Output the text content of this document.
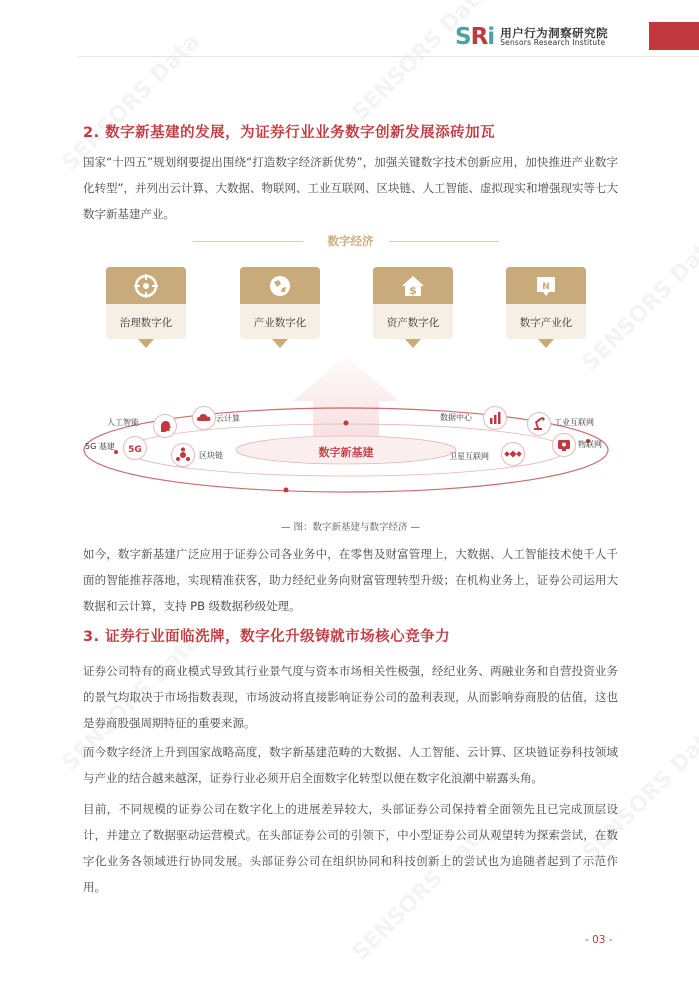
SRi 用户行为洞察研究院
Sensors Research Institute
2. 数字新基建的发展，为证券行业业务数字创新发展添砖加瓦
国家“十四五”规划纲要提出围绕“打造数字经济新优势”，加强关键数字技术创新应用，加快推进产业数字化转型”，并列出云计算、大数据、物联网、工业互联网、区块链、人工智能、虚拟现实和增强现实等七大数字新基建产业。
数字经济
治理数字化	产业数字化
$
资产数字化
N
数字产业化
数字新基建
人工智能	云计算
5G 基建 5G
区块链
数据中心
工业互联网
卫星互联网
物联网
— 图：数字新基建与数字经济 —
如今，数字新基建广泛应用于证券公司各业务中，在零售及财富管理上，大数据、人工智能技术使千人千面的智能推荐落地，实现精准获客，助力经纪业务向财富管理转型升级；在机构业务上，证券公司运用大数据和云计算，支持 PB 级数据秒级处理。
3. 证券行业面临洗牌，数字化升级铸就市场核心竞争力
证券公司特有的商业模式导致其行业景气度与资本市场相关性极强，经纪业务、两融业务和自营投资业务的景气均取决于市场指数表现，市场波动将直接影响证券公司的盈利表现，从而影响券商股的估值，这也是券商股强周期特征的重要来源。
而今数字经济上升到国家战略高度，数字新基建范畴的大数据、人工智能、云计算、区块链证券科技领域与产业的结合越来越深，证券行业必须开启全面数字化转型以便在数字化浪潮中崭露头角。
目前，不同规模的证券公司在数字化上的进展差异较大，头部证券公司保持着全面领先且已完成顶层设计，并建立了数据驱动运营模式。在头部证券公司的引领下，中小型证券公司从观望转为探索尝试，在数字化业务各领域进行协同发展。头部证券公司在组织协同和科技创新上的尝试也为追随者起到了示范作用。
- 03 -
